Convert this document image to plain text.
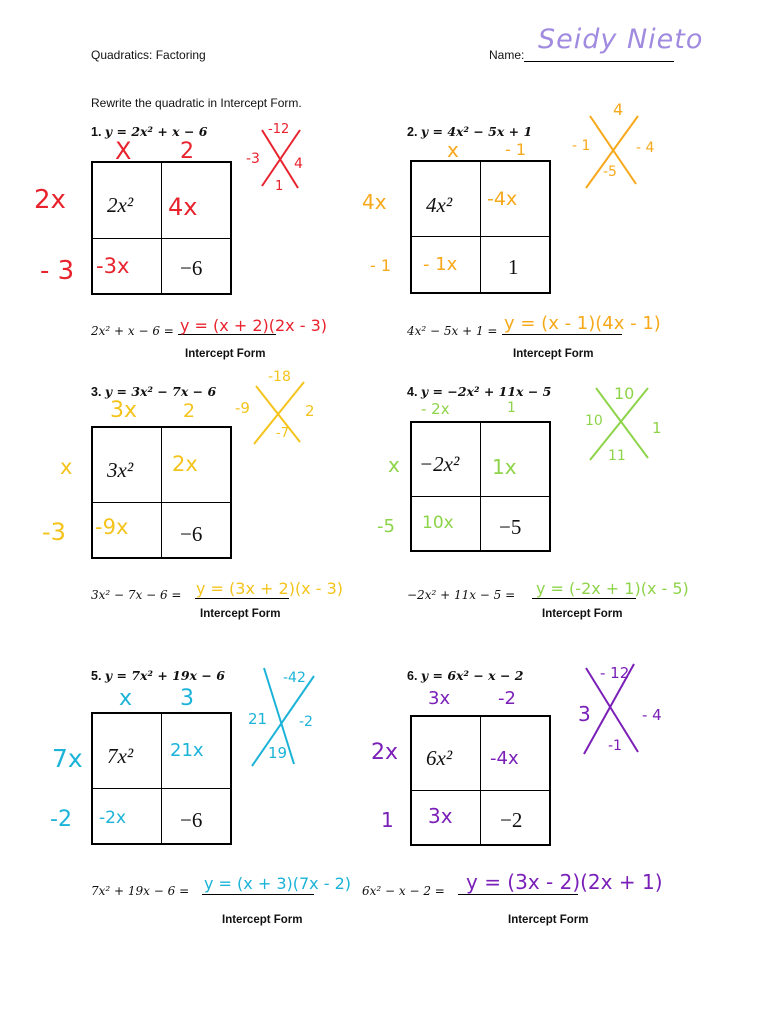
Quadratics: Factoring	Name: Seidy Nieto
Rewrite the quadratic in Intercept Form.
1. y = 2x² + x − 6
X 2
2x
- 3
2x² 4x
-3x −6
-12
-3 4
1
2x² + x − 6 = y = (x + 2)(2x - 3)
Intercept Form
2. y = 4x² − 5x + 1
x	- 1
4x
- 1
4x² -4x
- 1x 1
4
- 1	- 4
-5
4x² − 5x + 1 = y = (x - 1)(4x - 1)
Intercept Form
3. y = 3x² − 7x − 6
3x 2
x
-3
3x² 2x
-9x −6
-18
-9	2
-7
3x² − 7x − 6 = y = (3x + 2)(x - 3)
Intercept Form
4. y = −2x² + 11x − 5
- 2x	1
x
-5
−2x² 1x
10x −5
10
10	1
11
−2x² + 11x − 5 = y = (-2x + 1)(x - 5)
Intercept Form
5. y = 7x² + 19x − 6
x 3
7x
-2
7x² 21x
-2x	−6
-42
21 -2
19
7x² + 19x − 6 = y = (x + 3)(7x - 2)
Intercept Form
6. y = 6x² − x − 2
3x	-2
2x
1
6x² -4x
3x −2
- 12
3	- 4
-1
6x² − x − 2 = y = (3x - 2)(2x + 1)
Intercept Form
